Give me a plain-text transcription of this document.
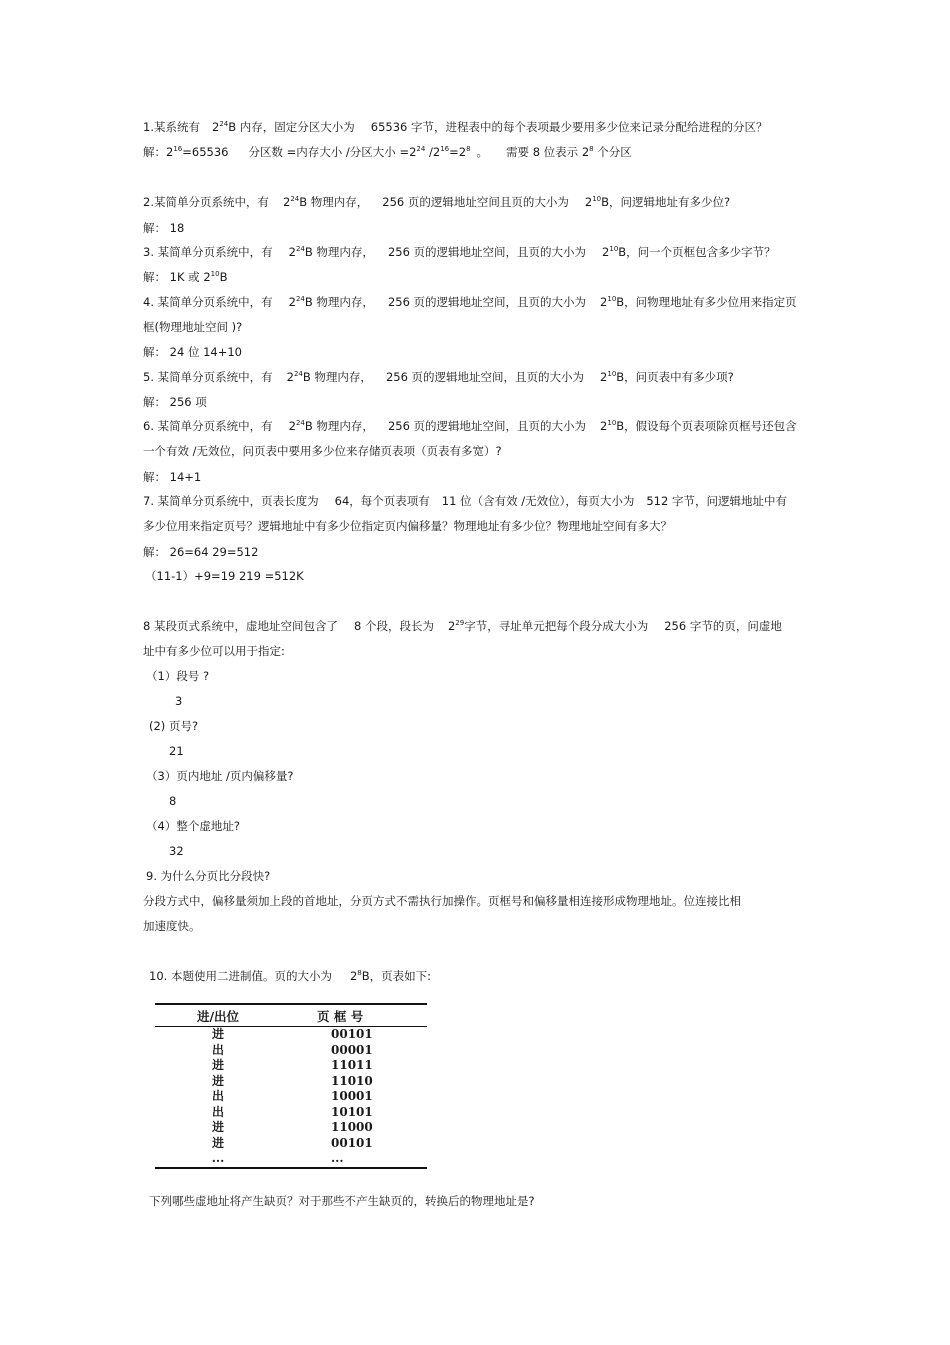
1.某系统有 $2^{24}B$ 内存，固定分区大小为 65536 字节，进程表中的每个表项最少要用多少位来记录分配给进程的分区？
解：$2^{16}=65536$ 分区数 =内存大小 /分区大小 $=2^{24}$ $/2^{16}=2^8$ 。 需要 8 位表示 $2^8$ 个分区
2.某简单分页系统中，有 $2^{24}B$ 物理内存， 256 页的逻辑地址空间且页的大小为 $2^{10}B$，问逻辑地址有多少位?
解： 18
3. 某简单分页系统中，有 $2^{24}B$ 物理内存， 256 页的逻辑地址空间，且页的大小为 $2^{10}B$，问一个页框包含多少字节？
解： 1K 或 $2^{10}B$
4. 某简单分页系统中，有 $2^{24}B$ 物理内存， 256 页的逻辑地址空间，且页的大小为 $2^{10}B$，问物理地址有多少位用来指定页
框(物理地址空间 )?
解： 24 位 14+10
5. 某简单分页系统中，有 $2^{24}B$ 物理内存， 256 页的逻辑地址空间，且页的大小为 $2^{10}B$，问页表中有多少项?
解： 256 项
6. 某简单分页系统中，有 $2^{24}B$ 物理内存， 256 页的逻辑地址空间，且页的大小为 $2^{10}B$，假设每个页表项除页框号还包含
一个有效 /无效位，问页表中要用多少位来存储页表项（页表有多宽）?
解： 14+1
7. 某简单分页系统中，页表长度为 64，每个页表项有 11 位（含有效 /无效位），每页大小为 512 字节，问逻辑地址中有
多少位用来指定页号？逻辑地址中有多少位指定页内偏移量？物理地址有多少位？物理地址空间有多大？
解： 26=64 29=512
（11-1）+9=19 219 =512K
8 某段页式系统中，虚地址空间包含了 8 个段，段长为 $2^{29}$字节，寻址单元把每个段分成大小为 256 字节的页，问虚地
址中有多少位可以用于指定:
（1）段号 ?
3
(2) 页号?
21
（3）页内地址 /页内偏移量?
8
（4）整个虚地址?
32
9. 为什么分页比分段快?
分段方式中，偏移量须加上段的首地址，分页方式不需执行加操作。页框号和偏移量相连接形成物理地址。位连接比相
加速度快。
10. 本题使用二进制值。页的大小为 $2^8B$，页表如下:
进/出位	页 框 号
进	00101
出	00001
进	11011
进	11010
出	10001
出	10101
进	11000
进	00101
...	...
下列哪些虚地址将产生缺页？对于那些不产生缺页的，转换后的物理地址是?
